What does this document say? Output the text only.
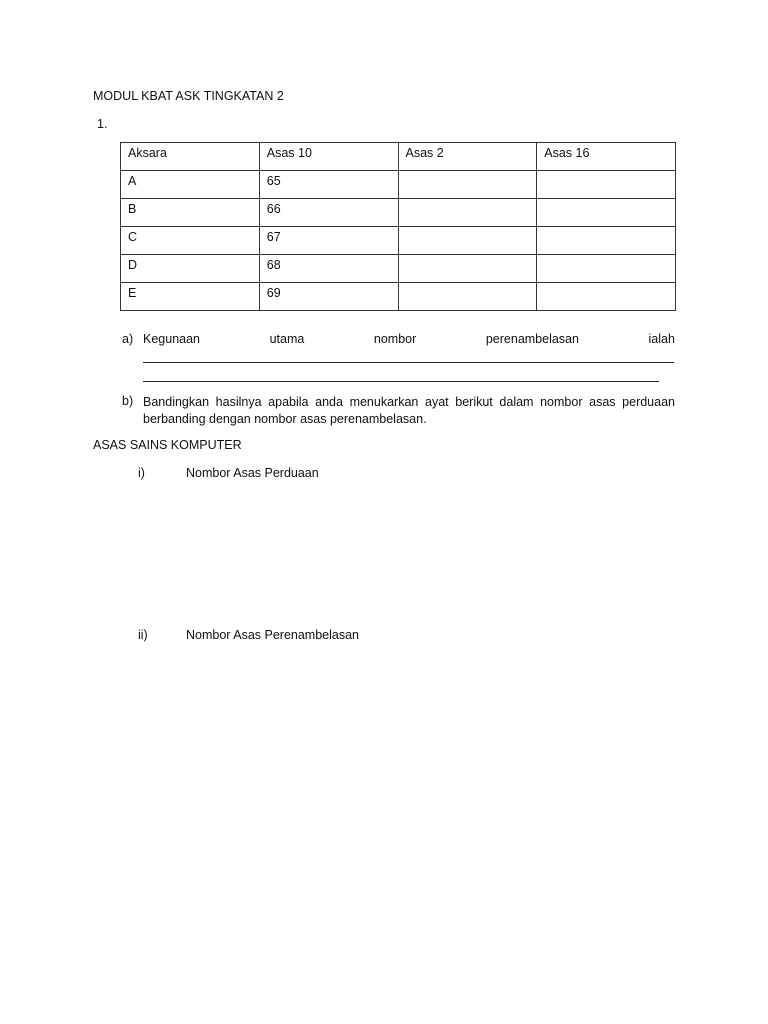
MODUL KBAT ASK TINGKATAN 2
1.
Aksara	Asas 10	Asas 2	Asas 16
A	65		
B	66		
C	67		
D	68		
E	69		
a) Kegunaan	utama	nombor	perenambelasan	ialah
b) Bandingkan hasilnya apabila anda menukarkan ayat berikut dalam nombor asas perduaan
berbanding dengan nombor asas perenambelasan.
ASAS SAINS KOMPUTER
i)	Nombor Asas Perduaan
ii)	Nombor Asas Perenambelasan
